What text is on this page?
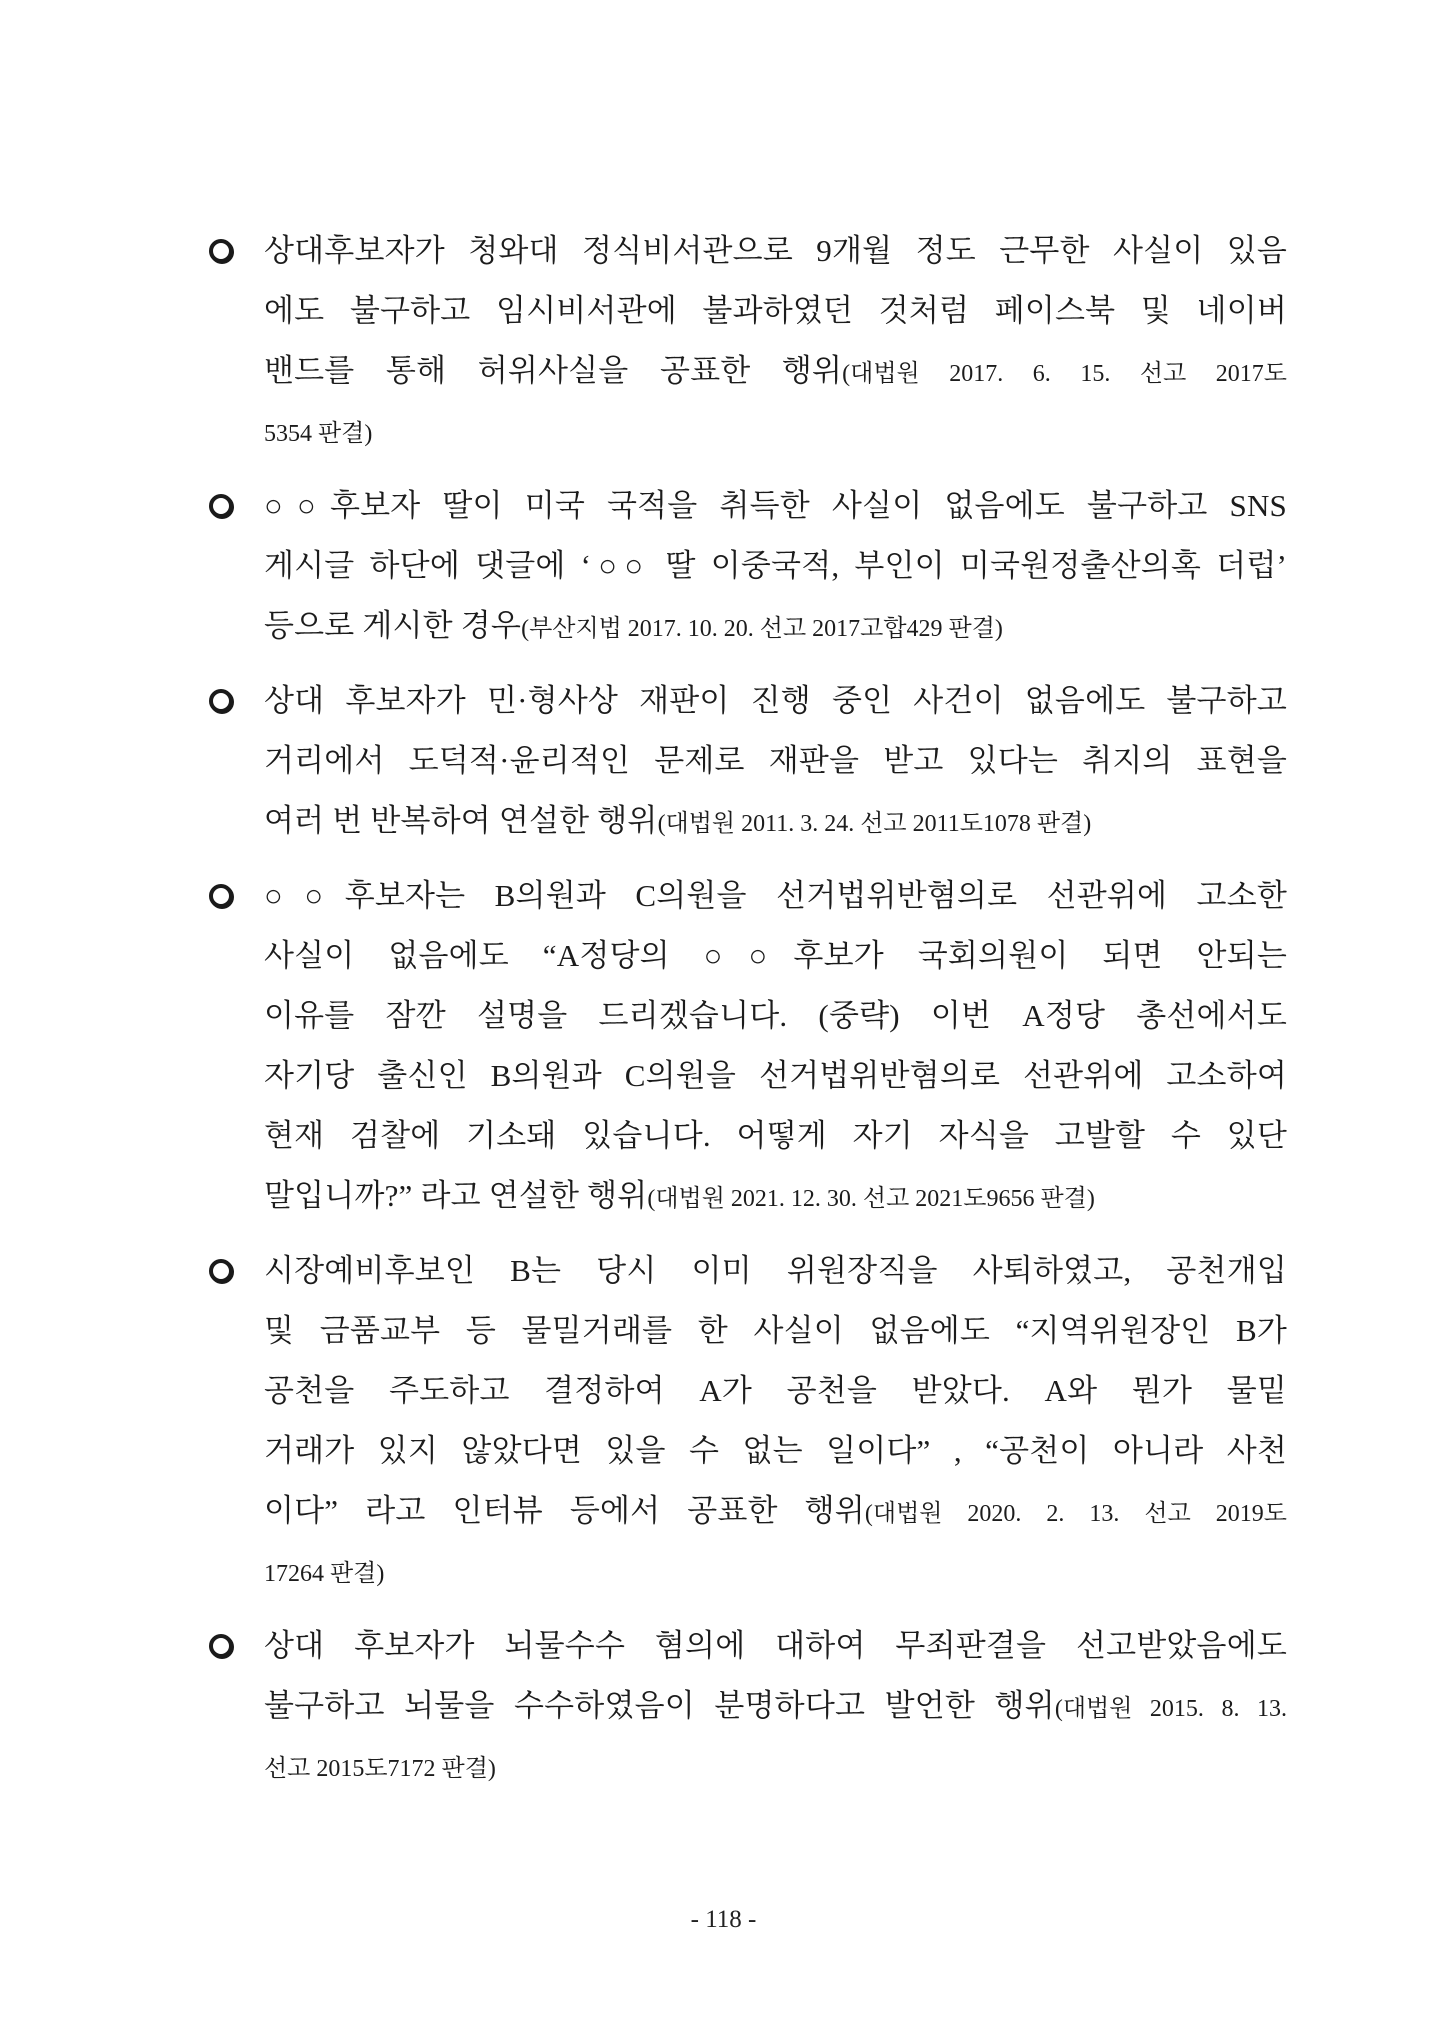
상대후보자가 청와대 정식비서관으로 9개월 정도 근무한 사실이 있음
에도 불구하고 임시비서관에 불과하였던 것처럼 페이스북 및 네이버
밴드를 통해 허위사실을 공표한 행위(대법원 2017. 6. 15. 선고 2017도
5354 판결)
○○후보자 딸이 미국 국적을 취득한 사실이 없음에도 불구하고 SNS
게시글 하단에 댓글에 ‘○○ 딸 이중국적, 부인이 미국원정출산의혹 더럽’
등으로 게시한 경우(부산지법 2017. 10. 20. 선고 2017고합429 판결)
상대 후보자가 민·형사상 재판이 진행 중인 사건이 없음에도 불구하고
거리에서 도덕적·윤리적인 문제로 재판을 받고 있다는 취지의 표현을
여러 번 반복하여 연설한 행위(대법원 2011. 3. 24. 선고 2011도1078 판결)
○○후보자는 B의원과 C의원을 선거법위반혐의로 선관위에 고소한
사실이 없음에도 “A정당의 ○○후보가 국회의원이 되면 안되는
이유를 잠깐 설명을 드리겠습니다. (중략) 이번 A정당 총선에서도
자기당 출신인 B의원과 C의원을 선거법위반혐의로 선관위에 고소하여
현재 검찰에 기소돼 있습니다. 어떻게 자기 자식을 고발할 수 있단
말입니까?” 라고 연설한 행위(대법원 2021. 12. 30. 선고 2021도9656 판결)
시장예비후보인 B는 당시 이미 위원장직을 사퇴하였고, 공천개입
및 금품교부 등 물밀거래를 한 사실이 없음에도 “지역위원장인 B가
공천을 주도하고 결정하여 A가 공천을 받았다. A와 뭔가 물밑
거래가 있지 않았다면 있을 수 없는 일이다” , “공천이 아니라 사천
이다” 라고 인터뷰 등에서 공표한 행위(대법원 2020. 2. 13. 선고 2019도
17264 판결)
상대 후보자가 뇌물수수 혐의에 대하여 무죄판결을 선고받았음에도
불구하고 뇌물을 수수하였음이 분명하다고 발언한 행위(대법원 2015. 8. 13.
선고 2015도7172 판결)
- 118 -
